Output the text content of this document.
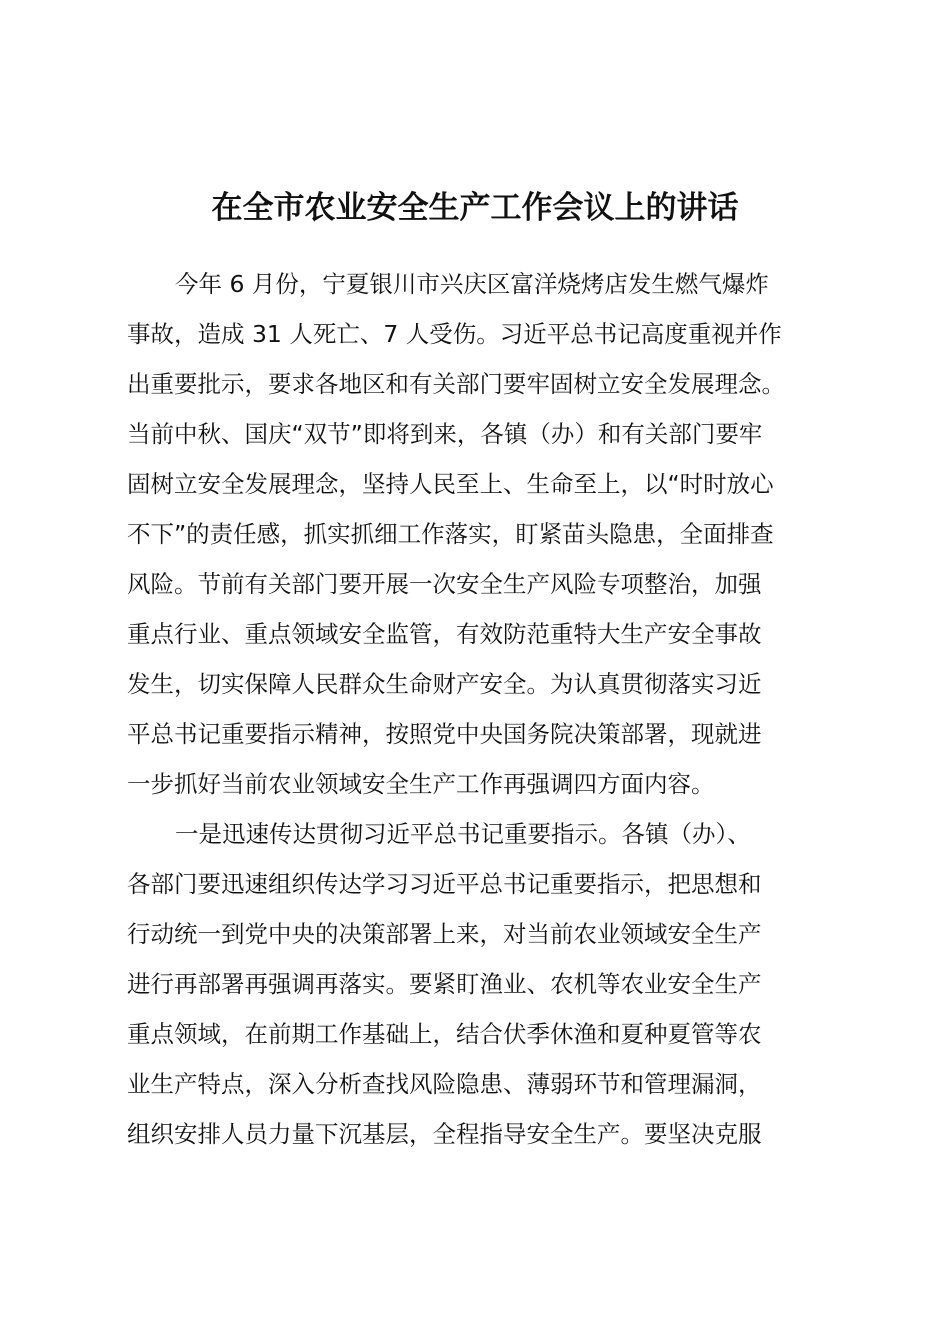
在全市农业安全生产工作会议上的讲话
今年 6 月份，宁夏银川市兴庆区富洋烧烤店发生燃气爆炸
事故，造成 31 人死亡、7 人受伤。习近平总书记高度重视并作
出重要批示，要求各地区和有关部门要牢固树立安全发展理念。
当前中秋、国庆“双节”即将到来，各镇（办）和有关部门要牢
固树立安全发展理念，坚持人民至上、生命至上，以“时时放心
不下”的责任感，抓实抓细工作落实，盯紧苗头隐患，全面排查
风险。节前有关部门要开展一次安全生产风险专项整治，加强
重点行业、重点领域安全监管，有效防范重特大生产安全事故
发生，切实保障人民群众生命财产安全。为认真贯彻落实习近
平总书记重要指示精神，按照党中央国务院决策部署，现就进
一步抓好当前农业领域安全生产工作再强调四方面内容。
一是迅速传达贯彻习近平总书记重要指示。各镇（办）、
各部门要迅速组织传达学习习近平总书记重要指示，把思想和
行动统一到党中央的决策部署上来，对当前农业领域安全生产
进行再部署再强调再落实。要紧盯渔业、农机等农业安全生产
重点领域，在前期工作基础上，结合伏季休渔和夏种夏管等农
业生产特点，深入分析查找风险隐患、薄弱环节和管理漏洞，
组织安排人员力量下沉基层，全程指导安全生产。要坚决克服
